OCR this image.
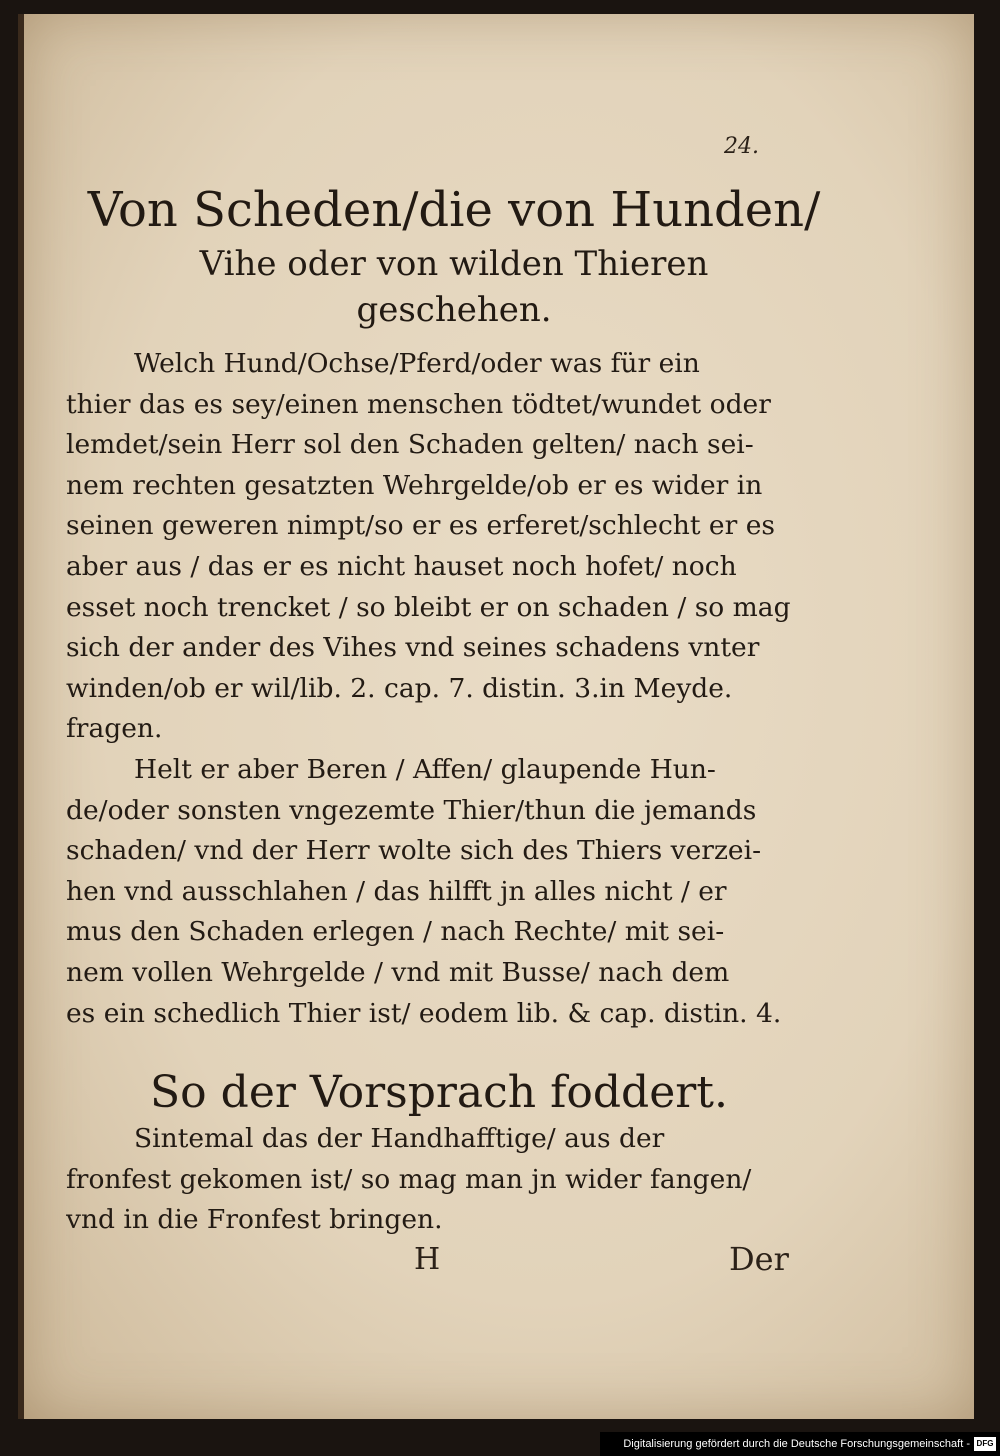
24.
Von Scheden/die von Hunden/
Vihe oder von wilden Thieren
geschehen.
Welch Hund/Ochse/Pferd/oder was für ein
thier das es sey/einen menschen tödtet/wundet oder
lemdet/sein Herr sol den Schaden gelten/ nach sei-
nem rechten gesatzten Wehrgelde/ob er es wider in
seinen geweren nimpt/so er es erferet/schlecht er es
aber aus / das er es nicht hauset noch hofet/ noch
esset noch trencket / so bleibt er on schaden / so mag
sich der ander des Vihes vnd seines schadens vnter
winden/ob er wil/lib. 2. cap. 7. distin. 3.in Meyde.
fragen.
Helt er aber Beren / Affen/ glaupende Hun-
de/oder sonsten vngezemte Thier/thun die jemands
schaden/ vnd der Herr wolte sich des Thiers verzei-
hen vnd ausschlahen / das hilfft jn alles nicht / er
mus den Schaden erlegen / nach Rechte/ mit sei-
nem vollen Wehrgelde / vnd mit Busse/ nach dem
es ein schedlich Thier ist/ eodem lib. & cap. distin. 4.
So der Vorsprach foddert.
Sintemal das der Handhafftige/ aus der
fronfest gekomen ist/ so mag man jn wider fangen/
vnd in die Fronfest bringen.
H	Der
Digitalisierung gefördert durch die Deutsche Forschungsgemeinschaft - DFG
